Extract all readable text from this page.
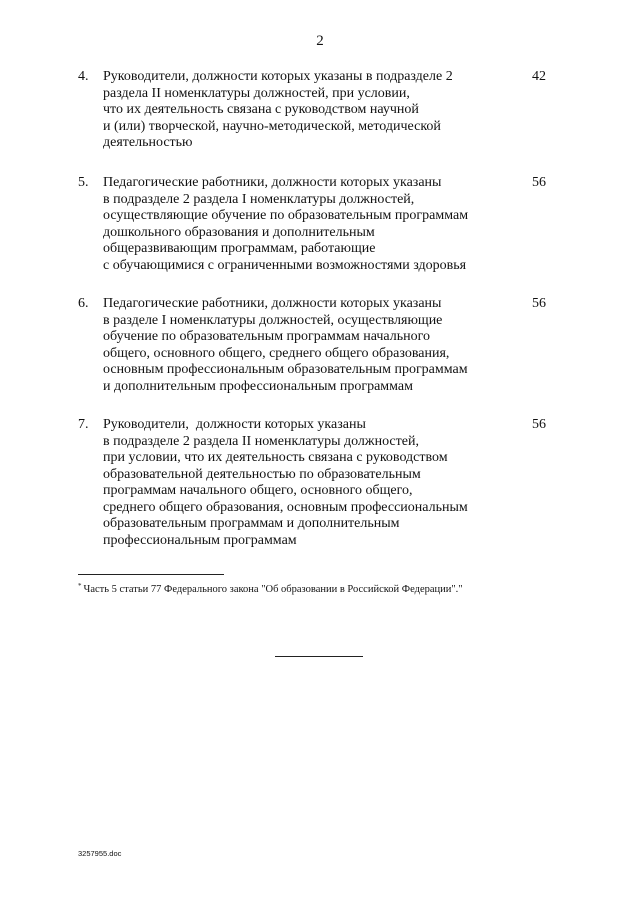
2
4. Руководители, должности которых указаны в подразделе 2
раздела II номенклатуры должностей, при условии,
что их деятельность связана с руководством научной
и (или) творческой, научно-методической, методической
деятельностью
42
5. Педагогические работники, должности которых указаны
в подразделе 2 раздела I номенклатуры должностей,
осуществляющие обучение по образовательным программам
дошкольного образования и дополнительным
общеразвивающим программам, работающие
с обучающимися с ограниченными возможностями здоровья
56
6. Педагогические работники, должности которых указаны
в разделе I номенклатуры должностей, осуществляющие
обучение по образовательным программам начального
общего, основного общего, среднего общего образования,
основным профессиональным образовательным программам
и дополнительным профессиональным программам
56
7. Руководители,  должности которых указаны
в подразделе 2 раздела II номенклатуры должностей,
при условии, что их деятельность связана с руководством
образовательной деятельностью по образовательным
программам начального общего, основного общего,
среднего общего образования, основным профессиональным
образовательным программам и дополнительным
профессиональным программам
56
* Часть 5 статьи 77 Федерального закона "Об образовании в Российской Федерации"."
3257955.doc
